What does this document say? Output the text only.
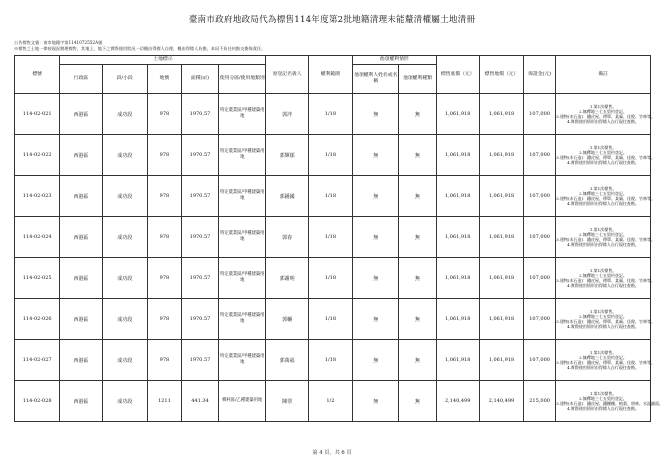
臺南市政府地政局代為標售114年度第2批地籍清理未能釐清權屬土地清冊
公告標售文號：南市地籍字第1141072552A號
※標售之土地一律按現況辦理標售，其地上、地下之實際使用狀況一切概由得標人自理，概由得標人負擔，本局不負任何點交擔保責任。
標號	土地標示					原登記名義人	權利範圍	他項權利情形		標售底價（元）	標售地價（元）	保證金(元)	備註
	行政區	段/小段	地號	面積(㎡)	使用分區/使用地類別			他項權利人姓名或名稱	他項權利種類				
114-02-021	西港區	成功段	978	1970.57	特定農業區/甲種建築用地	郭泮	1/18	無	無	1,061,918	1,061,918	107,000	1.第1次標售。
2.無釋地三七五契約登記。
3.建物(木石造)：鐵皮屋、傳單、某廟、佳稅、竹林等。
4.實際使用情形由得標人自行現往查勘。

114-02-022	西港區	成功段	978	1970.57	特定農業區/甲種建築用地	郭輝郁	1/18	無	無	1,061,918	1,061,918	107,000	1.第1次標售。
2.無釋地三七五契約登記。
3.建物(木石造)：鐵皮屋、傳單、某廟、佳稅、竹林等。
4.實際使用情形由得標人自行現往查勘。

114-02-023	西港區	成功段	978	1970.57	特定農業區/甲種建築用地	郭鍾國	1/18	無	無	1,061,918	1,061,918	107,000	1.第1次標售。
2.無釋地三七五契約登記。
3.建物(木石造)：鐵皮屋、傳單、某廟、佳稅、竹林等。
4.實際使用情形由得標人自行現往查勘。

114-02-024	西港區	成功段	978	1970.57	特定農業區/甲種建築用地	郭春	1/18	無	無	1,061,918	1,061,918	107,000	1.第1次標售。
2.無釋地三七五契約登記。
3.建物(木石造)：鐵皮屋、傳單、某廟、佳稅、竹林等。
4.實際使用情形由得標人自行現往查勘。

114-02-025	西港區	成功段	978	1970.57	特定農業區/甲種建築用地	郭謝明	1/18	無	無	1,061,918	1,061,918	107,000	1.第1次標售。
2.無釋地三七五契約登記。
3.建物(木石造)：鐵皮屋、傳單、某廟、佳稅、竹林等。
4.實際使用情形由得標人自行現往查勘。

114-02-026	西港區	成功段	978	1970.57	特定農業區/甲種建築用地	郭輔	1/18	無	無	1,061,918	1,061,918	107,000	1.第1次標售。
2.無釋地三七五契約登記。
3.建物(木石造)：鐵皮屋、傳單、某廟、佳稅、竹林等。
4.實際使用情形由得標人自行現往查勘。

114-02-027	西港區	成功段	978	1970.57	特定農業區/甲種建築用地	郭萬福	1/18	無	無	1,061,918	1,061,918	107,000	1.第1次標售。
2.無釋地三七五契約登記。
3.建物(木石造)：鐵皮屋、傳單、某廟、佳稅、竹林等。
4.實際使用情形由得標人自行現往查勘。

114-02-028	西港區	成功段	1211	441.34	鄉村區/乙種建築用地	陳票	1/2	無	無	2,140,499	2,140,499	215,000	1.第1次標售。
2.無釋地三七五契約登記。
3.建物(木石造)：鐵皮屋、鐵棚棚、植栽、明林、水泥鋪面。
4.實際使用情形由得標人自行現往查勘。
第 4 頁，共 6 頁
